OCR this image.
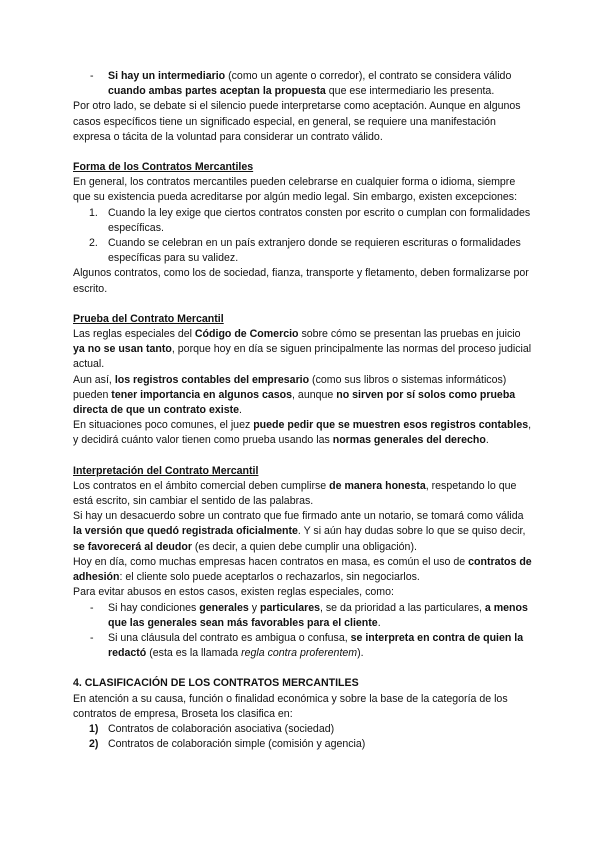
- Si hay un intermediario (como un agente o corredor), el contrato se considera válido cuando ambas partes aceptan la propuesta que ese intermediario les presenta.

Por otro lado, se debate si el silencio puede interpretarse como aceptación. Aunque en algunos casos específicos tiene un significado especial, en general, se requiere una manifestación expresa o tácita de la voluntad para considerar un contrato válido.

Forma de los Contratos Mercantiles

En general, los contratos mercantiles pueden celebrarse en cualquier forma o idioma, siempre que su existencia pueda acreditarse por algún medio legal. Sin embargo, existen excepciones:

1. Cuando la ley exige que ciertos contratos consten por escrito o cumplan con formalidades específicas.

2. Cuando se celebran en un país extranjero donde se requieren escrituras o formalidades específicas para su validez.

Algunos contratos, como los de sociedad, fianza, transporte y fletamento, deben formalizarse por escrito.

Prueba del Contrato Mercantil

Las reglas especiales del Código de Comercio sobre cómo se presentan las pruebas en juicio ya no se usan tanto, porque hoy en día se siguen principalmente las normas del proceso judicial actual.

Aun así, los registros contables del empresario (como sus libros o sistemas informáticos) pueden tener importancia en algunos casos, aunque no sirven por sí solos como prueba directa de que un contrato existe.

En situaciones poco comunes, el juez puede pedir que se muestren esos registros contables, y decidirá cuánto valor tienen como prueba usando las normas generales del derecho.

Interpretación del Contrato Mercantil

Los contratos en el ámbito comercial deben cumplirse de manera honesta, respetando lo que está escrito, sin cambiar el sentido de las palabras.

Si hay un desacuerdo sobre un contrato que fue firmado ante un notario, se tomará como válida la versión que quedó registrada oficialmente. Y si aún hay dudas sobre lo que se quiso decir, se favorecerá al deudor (es decir, a quien debe cumplir una obligación).

Hoy en día, como muchas empresas hacen contratos en masa, es común el uso de contratos de adhesión: el cliente solo puede aceptarlos o rechazarlos, sin negociarlos.

Para evitar abusos en estos casos, existen reglas especiales, como:

- Si hay condiciones generales y particulares, se da prioridad a las particulares, a menos que las generales sean más favorables para el cliente.

- Si una cláusula del contrato es ambigua o confusa, se interpreta en contra de quien la redactó (esta es la llamada regla contra proferentem).

4. CLASIFICACIÓN DE LOS CONTRATOS MERCANTILES

En atención a su causa, función o finalidad económica y sobre la base de la categoría de los contratos de empresa, Broseta los clasifica en:

1) Contratos de colaboración asociativa (sociedad)

2) Contratos de colaboración simple (comisión y agencia)
